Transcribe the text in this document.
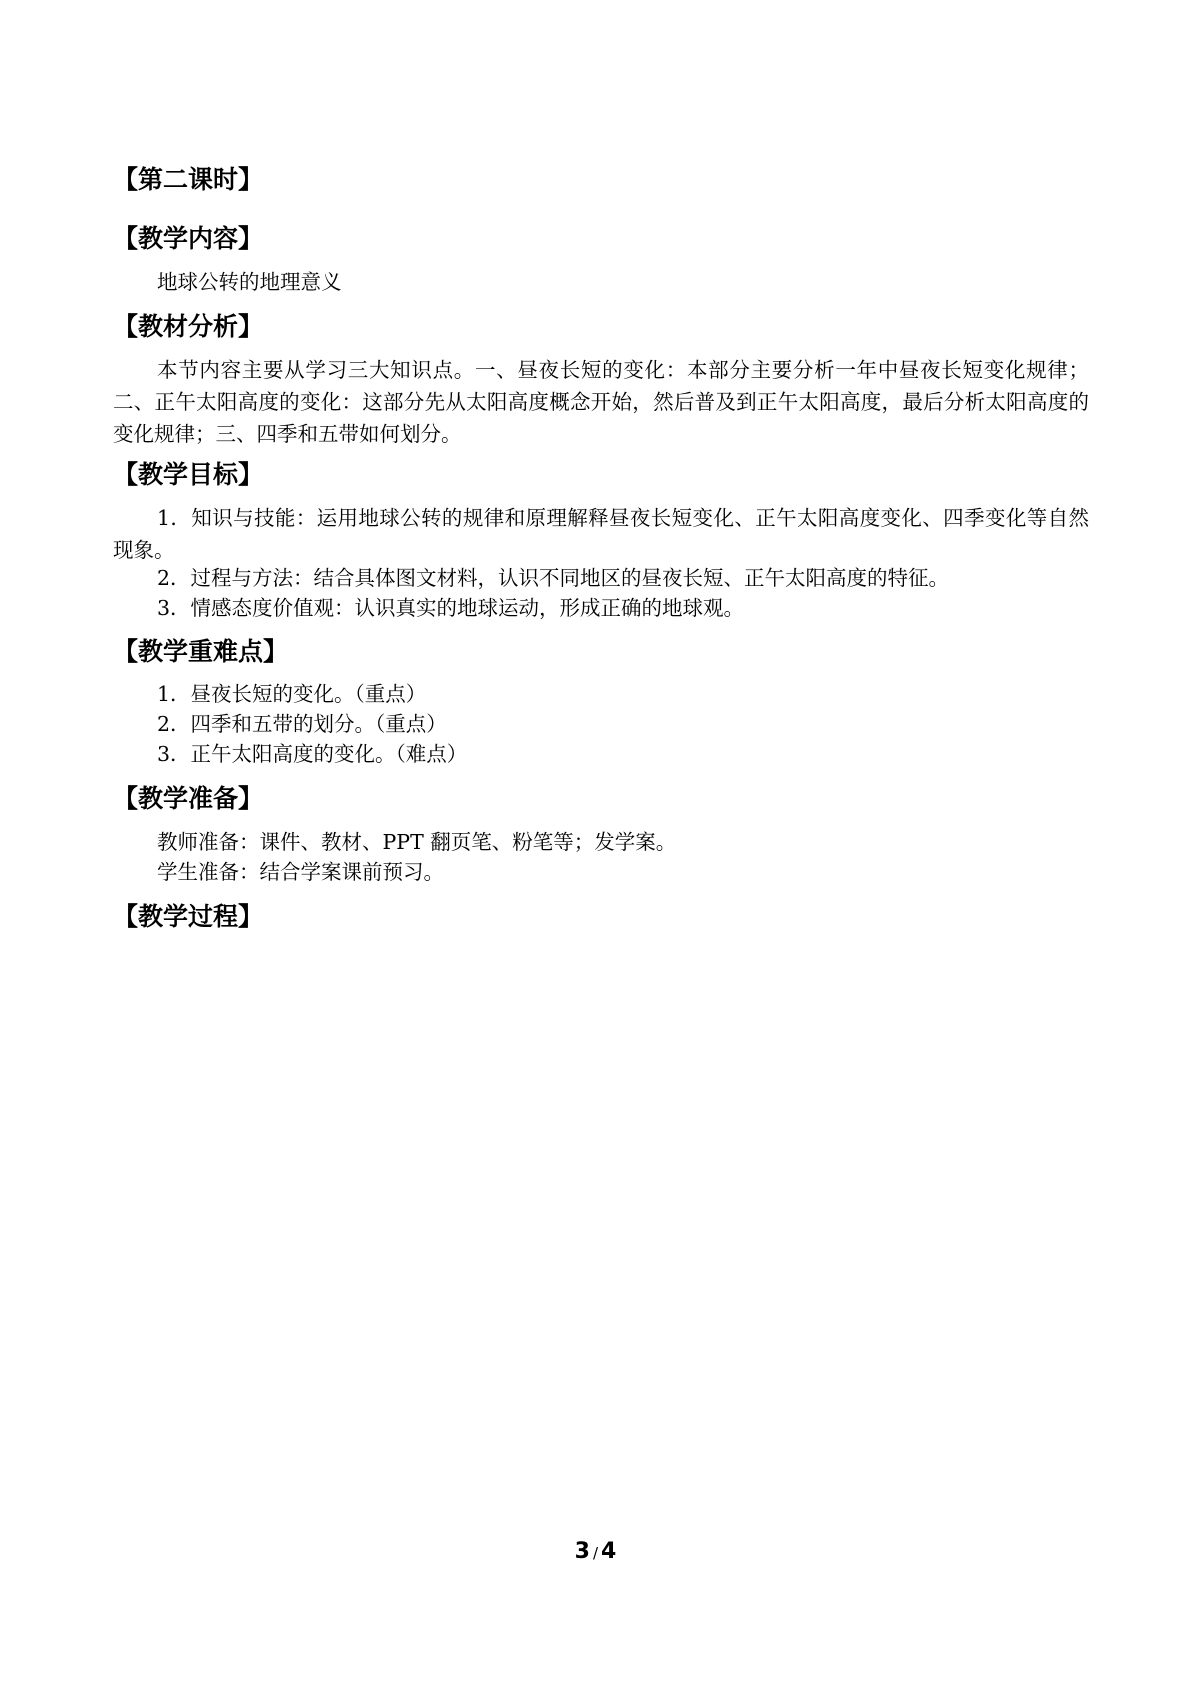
【第二课时】
【教学内容】
地球公转的地理意义
【教材分析】
本节内容主要从学习三大知识点。一、昼夜长短的变化：本部分主要分析一年中昼夜长短变化规律；二、正午太阳高度的变化：这部分先从太阳高度概念开始，然后普及到正午太阳高度，最后分析太阳高度的变化规律；三、四季和五带如何划分。
【教学目标】
1．知识与技能：运用地球公转的规律和原理解释昼夜长短变化、正午太阳高度变化、四季变化等自然现象。
2．过程与方法：结合具体图文材料，认识不同地区的昼夜长短、正午太阳高度的特征。
3．情感态度价值观：认识真实的地球运动，形成正确的地球观。
【教学重难点】
1．昼夜长短的变化。（重点）
2．四季和五带的划分。（重点）
3．正午太阳高度的变化。（难点）
【教学准备】
教师准备：课件、教材、PPT 翻页笔、粉笔等；发学案。
学生准备：结合学案课前预习。
【教学过程】
3 / 4
